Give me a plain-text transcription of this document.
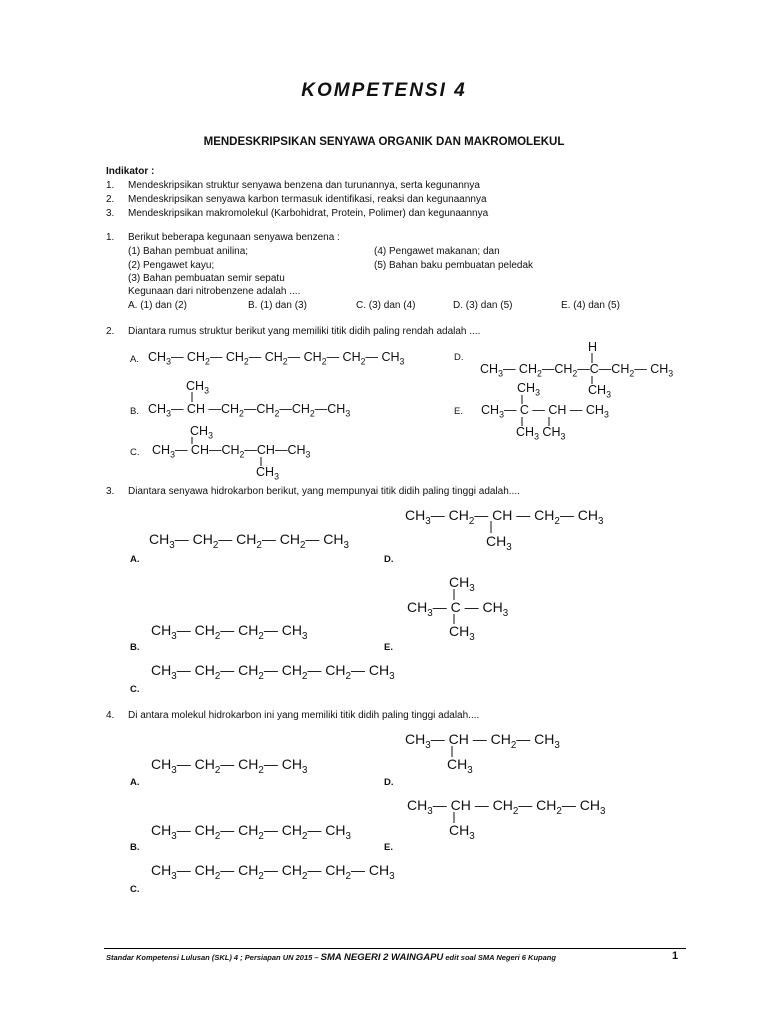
KOMPETENSI 4
MENDESKRIPSIKAN SENYAWA ORGANIK DAN MAKROMOLEKUL
Indikator :
1. Mendeskripsikan struktur senyawa benzena dan turunannya, serta kegunannya
2. Mendeskripsikan senyawa karbon termasuk identifikasi, reaksi dan kegunaannya
3. Mendeskripsikan makromolekul (Karbohidrat, Protein, Polimer) dan kegunaannya
1. Berikut beberapa kegunaan senyawa benzena :
(1) Bahan pembuat anilina;
(2) Pengawet kayu;
(3) Bahan pembuatan semir sepatu
(4) Pengawet makanan; dan
(5) Bahan baku pembuatan peledak
Kegunaan dari nitrobenzene adalah ....
A. (1) dan (2)	B. (1) dan (3)	C. (3) dan (4)	D. (3) dan (5)	E. (4) dan (5)
2. Diantara rumus struktur berikut yang memiliki titik didih paling rendah adalah ....
A. $CH_3—$ $CH_2—$ $CH_2—$ $CH_2—$ $CH_2—$ $CH_2—$ $CH_3$
B.
$CH_3$
$CH_3—$ CH $—CH_2—CH_2—CH_2—CH_3$
C.
$CH_3$
$CH_3—$ $CH—CH_2—CH—CH_3$
$CH_3$
D.
H
$CH_3—$ $CH_2—CH_2—C—CH_2—$ $CH_3$
$CH_3$
E.
$CH_3$
$CH_3—$ C — CH — $CH_3$
$CH_3$ $CH_3$
3. Diantara senyawa hidrokarbon berikut, yang mempunyai titik didih paling tinggi adalah....
$CH_3—$ $CH_2—$ $CH_2—$ $CH_2—$ $CH_3$
A.
$CH_3—$ $CH_2—$ $CH_2—$ $CH_3$
B.
$CH_3—$ $CH_2—$ $CH_2—$ $CH_2—$ $CH_2—$ $CH_3$
C.
$CH_3—$ $CH_2—$ CH — $CH_2—$ $CH_3$
$CH_3$
D.
$CH_3$
$CH_3—$ C — $CH_3$
$CH_3$
E.
4. Di antara molekul hidrokarbon ini yang memiliki titik didih paling tinggi adalah....
$CH_3—$ $CH_2—$ $CH_2—$ $CH_3$
A.
$CH_3—$ $CH_2—$ $CH_2—$ $CH_2—$ $CH_3$
B.
$CH_3—$ $CH_2—$ $CH_2—$ $CH_2—$ $CH_2—$ $CH_3$
C.
$CH_3—$ CH — $CH_2—$ $CH_3$
$CH_3$
D.
$CH_3—$ CH — $CH_2—$ $CH_2—$ $CH_3$
$CH_3$
E.
Standar Kompetensi Lulusan (SKL) 4 ; Persiapan UN 2015 – SMA NEGERI 2 WAINGAPU edit soal SMA Negeri 6 Kupang	1
